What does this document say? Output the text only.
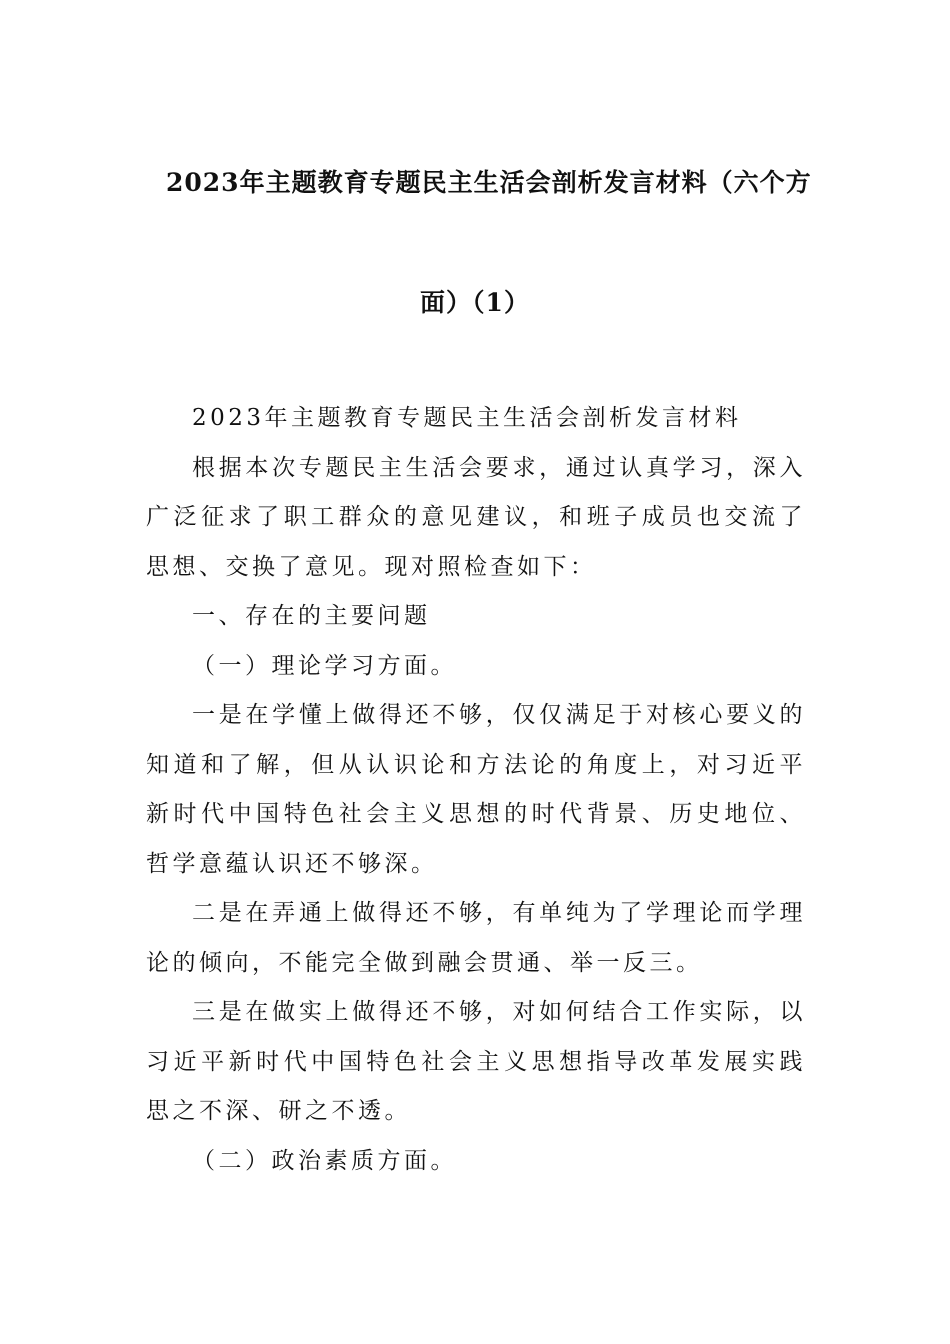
2023年主题教育专题民主生活会剖析发言材料（六个方
面）（1）

2023年主题教育专题民主生活会剖析发言材料

根据本次专题民主生活会要求，通过认真学习，深入广泛征求了职工群众的意见建议，和班子成员也交流了思想、交换了意见。现对照检查如下：

一、存在的主要问题

（一）理论学习方面。

一是在学懂上做得还不够，仅仅满足于对核心要义的知道和了解，但从认识论和方法论的角度上，对习近平新时代中国特色社会主义思想的时代背景、历史地位、哲学意蕴认识还不够深。

二是在弄通上做得还不够，有单纯为了学理论而学理论的倾向，不能完全做到融会贯通、举一反三。

三是在做实上做得还不够，对如何结合工作实际，以习近平新时代中国特色社会主义思想指导改革发展实践思之不深、研之不透。

（二）政治素质方面。
